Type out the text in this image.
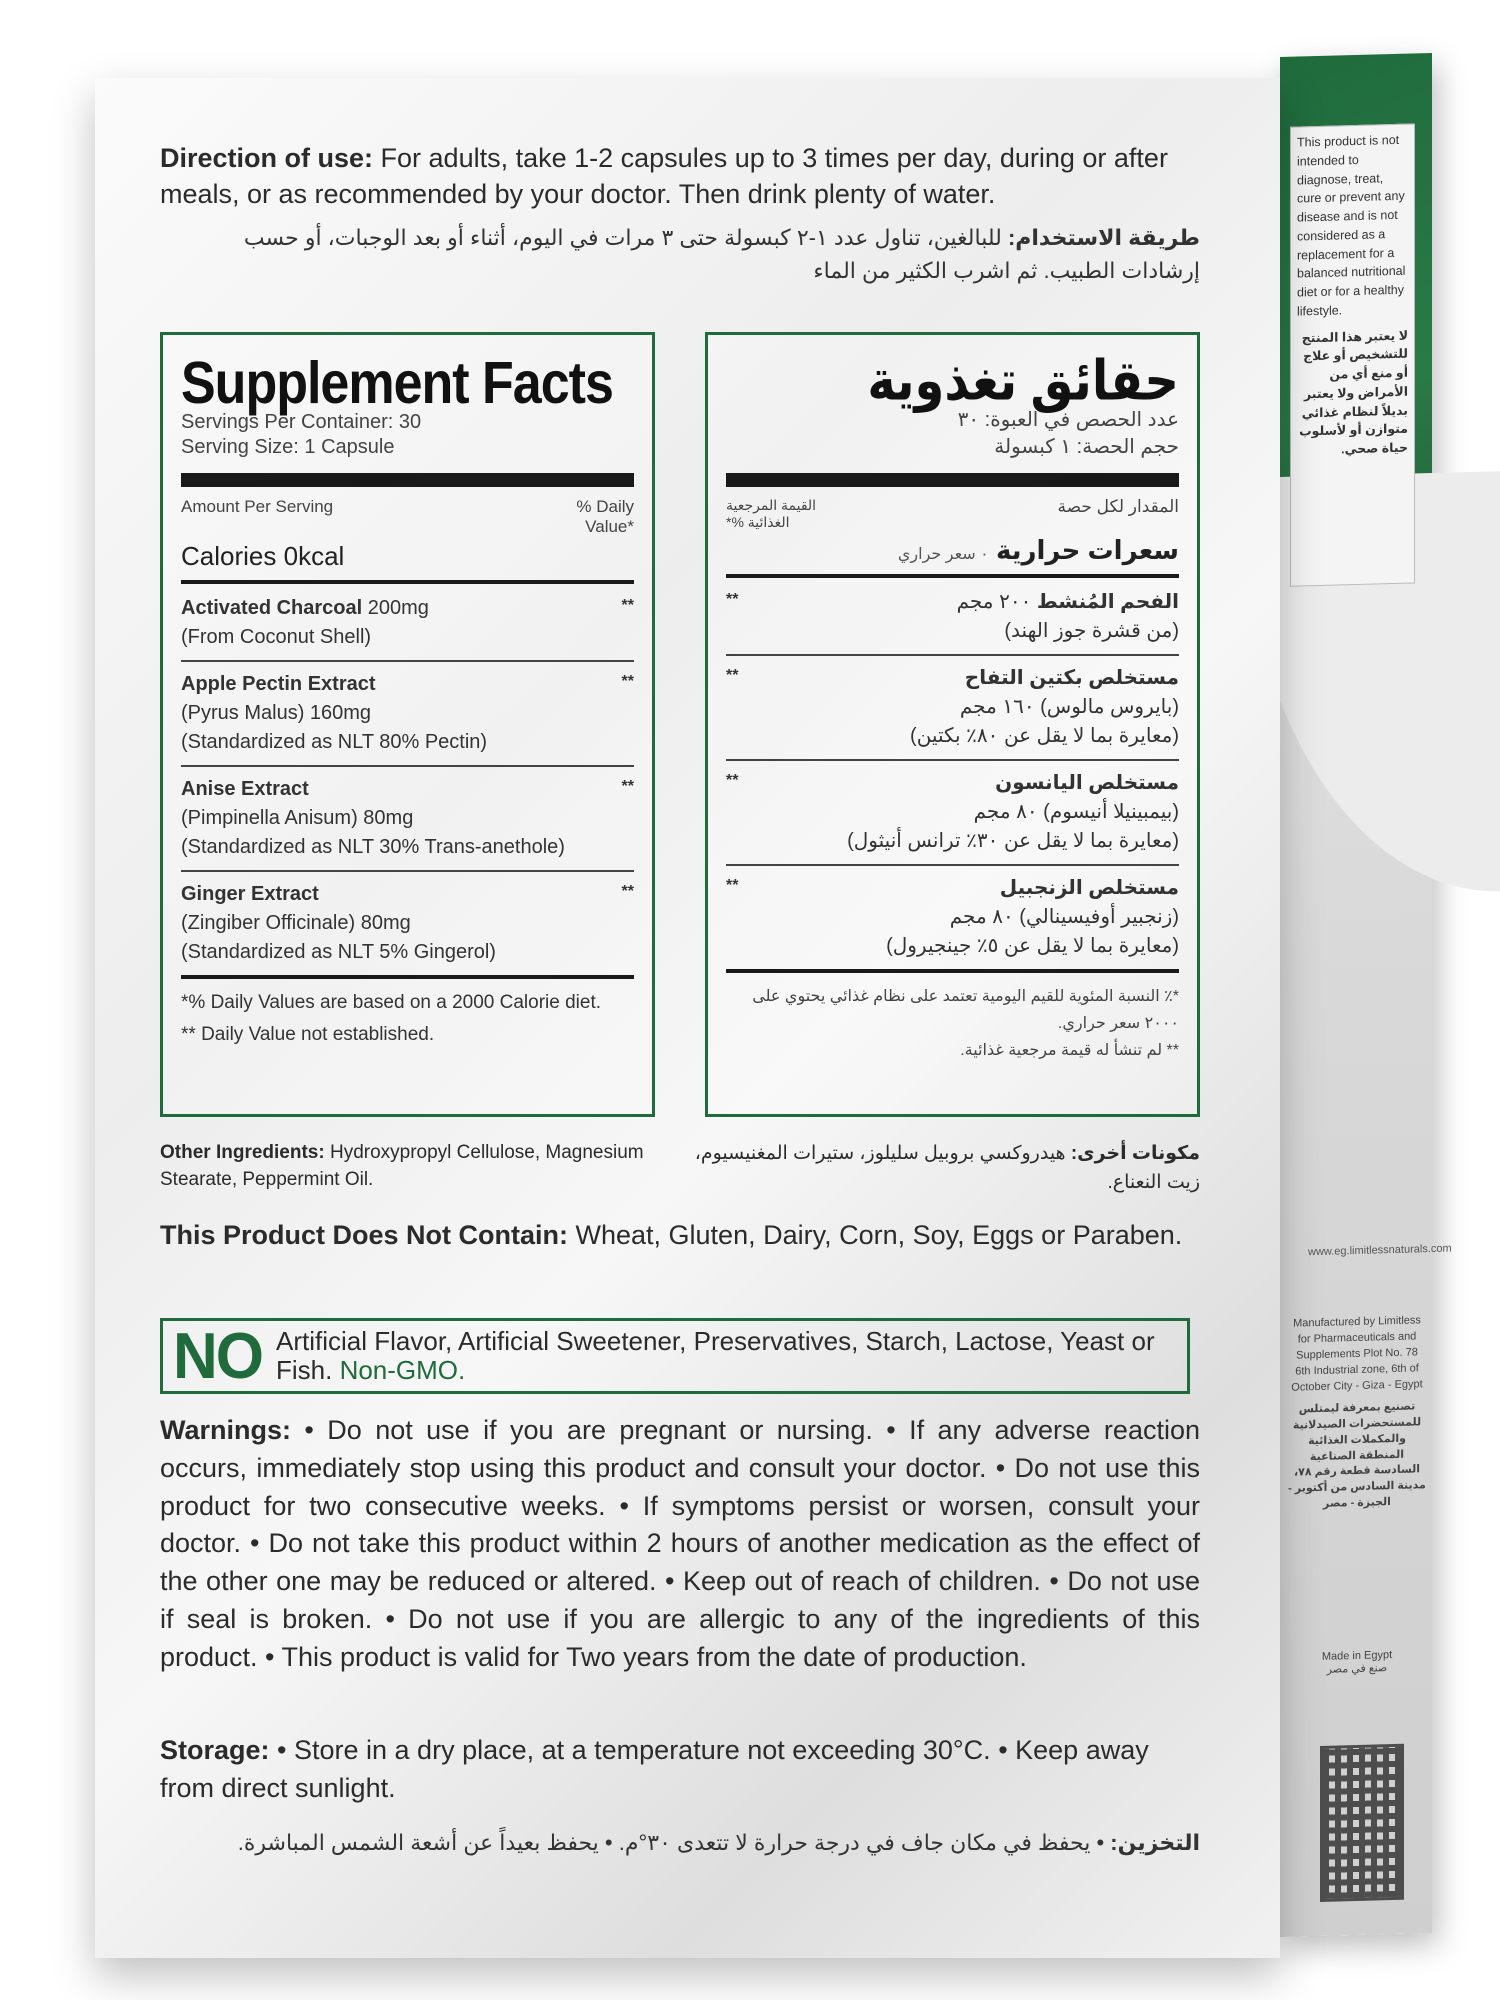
This product is not intended to diagnose, treat, cure or prevent any disease and is not considered as a replacement for a balanced nutritional diet or for a healthy lifestyle.
لا يعتبر هذا المنتج للتشخيص أو علاج أو منع أي من الأمراض ولا يعتبر بديلاً لنظام غذائي متوازن أو لأسلوب حياة صحي.
www.eg.limitlessnaturals.com
Manufactured by Limitless for Pharmaceuticals and Supplements Plot No. 78 6th Industrial zone, 6th of October City - Giza - Egypt
تصنيع بمعرفة ليمتلس للمستحضرات الصيدلانية والمكملات الغذائية المنطقة الصناعية السادسة قطعة رقم ٧٨، مدينة السادس من أكتوبر - الجيزة - مصر
Made in Egypt
صنع في مصر

Direction of use: For adults, take 1-2 capsules up to 3 times per day, during or after meals, or as recommended by your doctor. Then drink plenty of water.

طريقة الاستخدام: للبالغين، تناول عدد ١-٢ كبسولة حتى ٣ مرات في اليوم، أثناء أو بعد الوجبات، أو حسب إرشادات الطبيب. ثم اشرب الكثير من الماء

Supplement Facts
Servings Per Container: 30
Serving Size: 1 Capsule
Amount Per Serving	% Daily Value*
Calories 0kcal
Activated Charcoal 200mg
(From Coconut Shell)
**
Apple Pectin Extract
(Pyrus Malus) 160mg
(Standardized as NLT 80% Pectin)
**
Anise Extract
(Pimpinella Anisum) 80mg
(Standardized as NLT 30% Trans-anethole)
**
Ginger Extract
(Zingiber Officinale) 80mg
(Standardized as NLT 5% Gingerol)
**
*% Daily Values are based on a 2000 Calorie diet.
** Daily Value not established.
حقائق تغذوية
عدد الحصص في العبوة: ٣٠
حجم الحصة: ١ كبسولة
المقدار لكل حصة
القيمة المرجعية الغذائية %*
سعرات حرارية ٠ سعر حراري
الفحم المُنشط ٢٠٠ مجم
(من قشرة جوز الهند)
**
مستخلص بكتين التفاح
(بايروس مالوس) ١٦٠ مجم
(معايرة بما لا يقل عن ٨٠٪ بكتين)
**
مستخلص اليانسون
(بيمبينيلا أنيسوم) ٨٠ مجم
(معايرة بما لا يقل عن ٣٠٪ ترانس أنيثول)
**
مستخلص الزنجبيل
(زنجبير أوفيسينالي) ٨٠ مجم
(معايرة بما لا يقل عن ٥٪ جينجيرول)
**
*٪ النسبة المئوية للقيم اليومية تعتمد على نظام غذائي يحتوي على ٢٠٠٠ سعر حراري.
** لم تنشأ له قيمة مرجعية غذائية.
Other Ingredients: Hydroxypropyl Cellulose, Magnesium Stearate, Peppermint Oil.
مكونات أخرى: هيدروكسي بروبيل سليلوز، ستيرات المغنيسيوم، زيت النعناع.
This Product Does Not Contain: Wheat, Gluten, Dairy, Corn, Soy, Eggs or Paraben.
NO Artificial Flavor, Artificial Sweetener, Preservatives, Starch, Lactose, Yeast or Fish. Non-GMO.
Warnings: • Do not use if you are pregnant or nursing. • If any adverse reaction occurs, immediately stop using this product and consult your doctor. • Do not use this product for two consecutive weeks. • If symptoms persist or worsen, consult your doctor. • Do not take this product within 2 hours of another medication as the effect of the other one may be reduced or altered. • Keep out of reach of children. • Do not use if seal is broken. • Do not use if you are allergic to any of the ingredients of this product. • This product is valid for Two years from the date of production.
Storage: • Store in a dry place, at a temperature not exceeding 30°C. • Keep away from direct sunlight.
التخزين: • يحفظ في مكان جاف في درجة حرارة لا تتعدى ٣٠°م. • يحفظ بعيداً عن أشعة الشمس المباشرة.
